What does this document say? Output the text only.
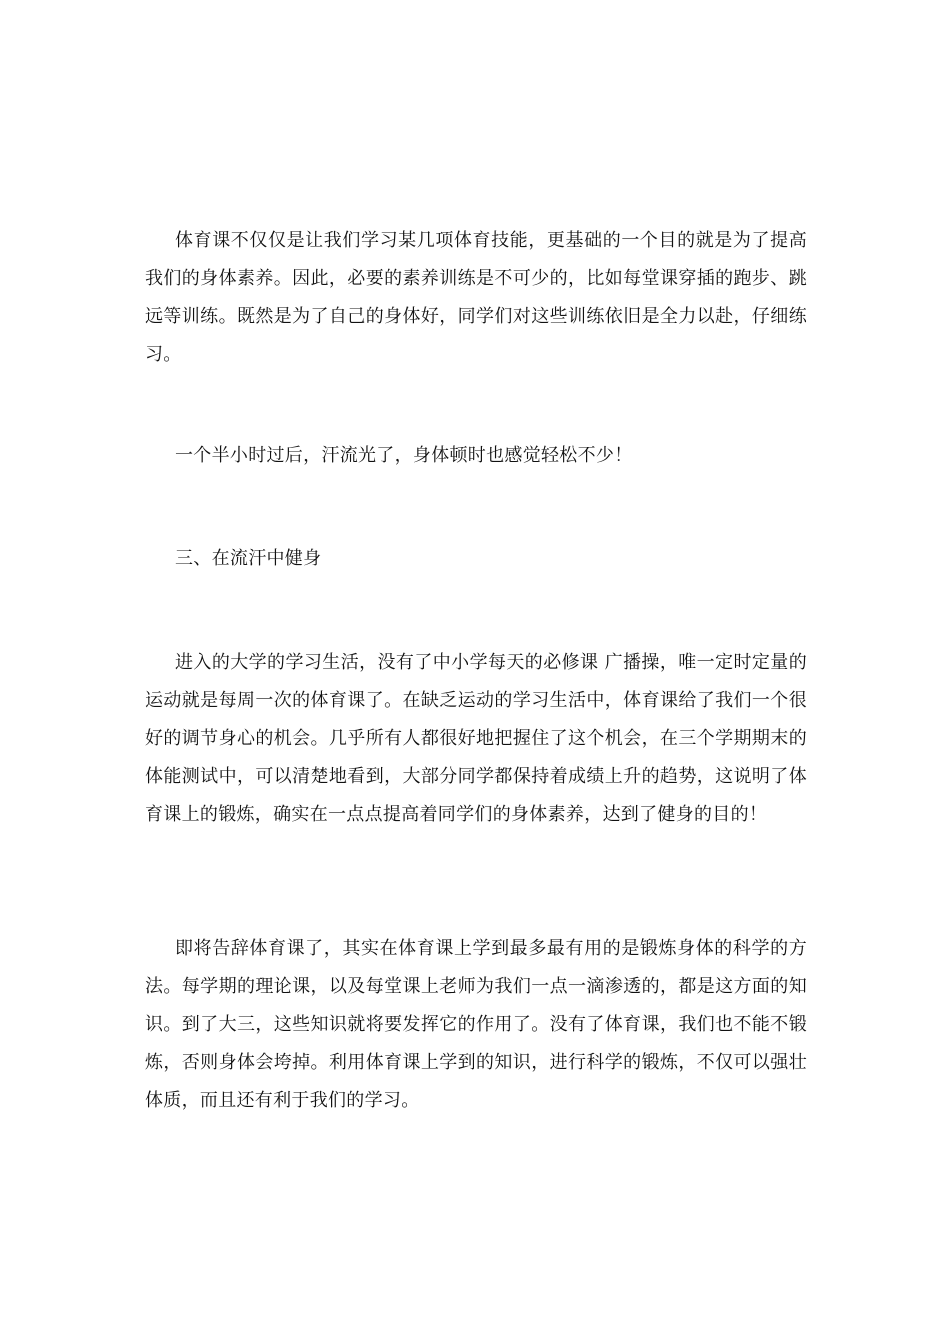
体育课不仅仅是让我们学习某几项体育技能，更基础的一个目的就是为了提高我们的身体素养。因此，必要的素养训练是不可少的，比如每堂课穿插的跑步、跳远等训练。既然是为了自己的身体好，同学们对这些训练依旧是全力以赴，仔细练习。

一个半小时过后，汗流光了，身体顿时也感觉轻松不少！

三、在流汗中健身

进入的大学的学习生活，没有了中小学每天的必修课 广播操，唯一定时定量的运动就是每周一次的体育课了。在缺乏运动的学习生活中，体育课给了我们一个很好的调节身心的机会。几乎所有人都很好地把握住了这个机会，在三个学期期末的体能测试中，可以清楚地看到，大部分同学都保持着成绩上升的趋势，这说明了体育课上的锻炼，确实在一点点提高着同学们的身体素养，达到了健身的目的！

即将告辞体育课了，其实在体育课上学到最多最有用的是锻炼身体的科学的方法。每学期的理论课，以及每堂课上老师为我们一点一滴渗透的，都是这方面的知识。到了大三，这些知识就将要发挥它的作用了。没有了体育课，我们也不能不锻炼，否则身体会垮掉。利用体育课上学到的知识，进行科学的锻炼，不仅可以强壮体质，而且还有利于我们的学习。
